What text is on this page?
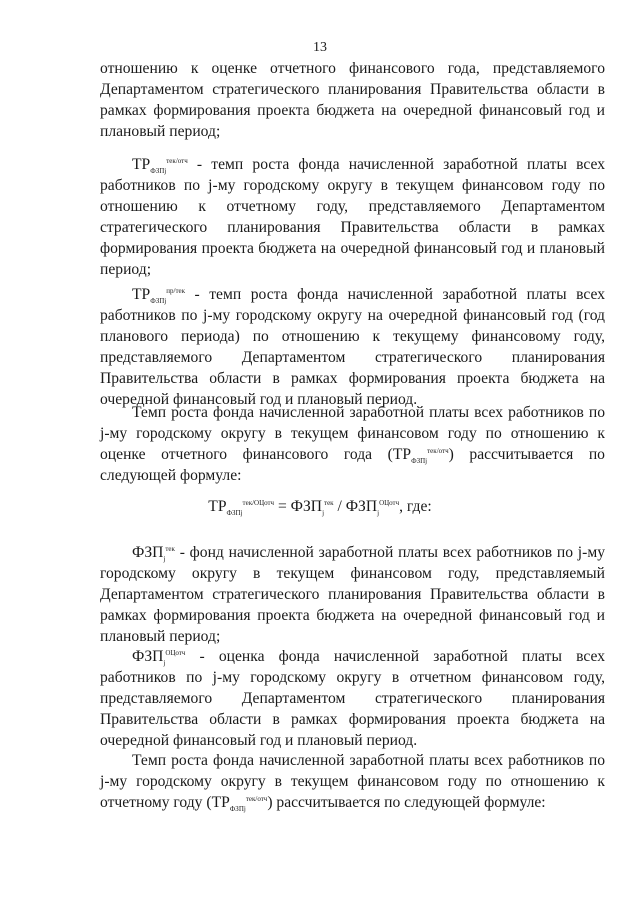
13

отношению к оценке отчетного финансового года, представляемого Департаментом стратегического планирования Правительства области в рамках формирования проекта бюджета на очередной финансовый год и плановый период;

$ТР_{ФЗПj}^{тек/отч}$ - темп роста фонда начисленной заработной платы всех работников по j-му городскому округу в текущем финансовом году по отношению к отчетному году, представляемого Департаментом стратегического планирования Правительства области в рамках формирования проекта бюджета на очередной финансовый год и плановый период;

$ТР_{ФЗПj}^{пр/тек}$ - темп роста фонда начисленной заработной платы всех работников по j-му городскому округу на очередной финансовый год (год планового периода) по отношению к текущему финансовому году, представляемого Департаментом стратегического планирования Правительства области в рамках формирования проекта бюджета на очередной финансовый год и плановый период.

Темп роста фонда начисленной заработной платы всех работников по j-му городскому округу в текущем финансовом году по отношению к оценке отчетного финансового года $(ТР_{ФЗПj}^{тек/отч})$ рассчитывается по следующей формуле:

$ТР_{ФЗПj}^{тек/ОЦотч} = ФЗП_j^{тек} / ФЗП_j^{ОЦотч}$, где:

$ФЗП_j^{тек}$ - фонд начисленной заработной платы всех работников по j-му городскому округу в текущем финансовом году, представляемый Департаментом стратегического планирования Правительства области в рамках формирования проекта бюджета на очередной финансовый год и плановый период;

$ФЗП_j^{ОЦотч}$ - оценка фонда начисленной заработной платы всех работников по j-му городскому округу в отчетном финансовом году, представляемого Департаментом стратегического планирования Правительства области в рамках формирования проекта бюджета на очередной финансовый год и плановый период.

Темп роста фонда начисленной заработной платы всех работников по j-му городскому округу в текущем финансовом году по отношению к отчетному году $(ТР_{ФЗПj}^{тек/отч})$ рассчитывается по следующей формуле:
